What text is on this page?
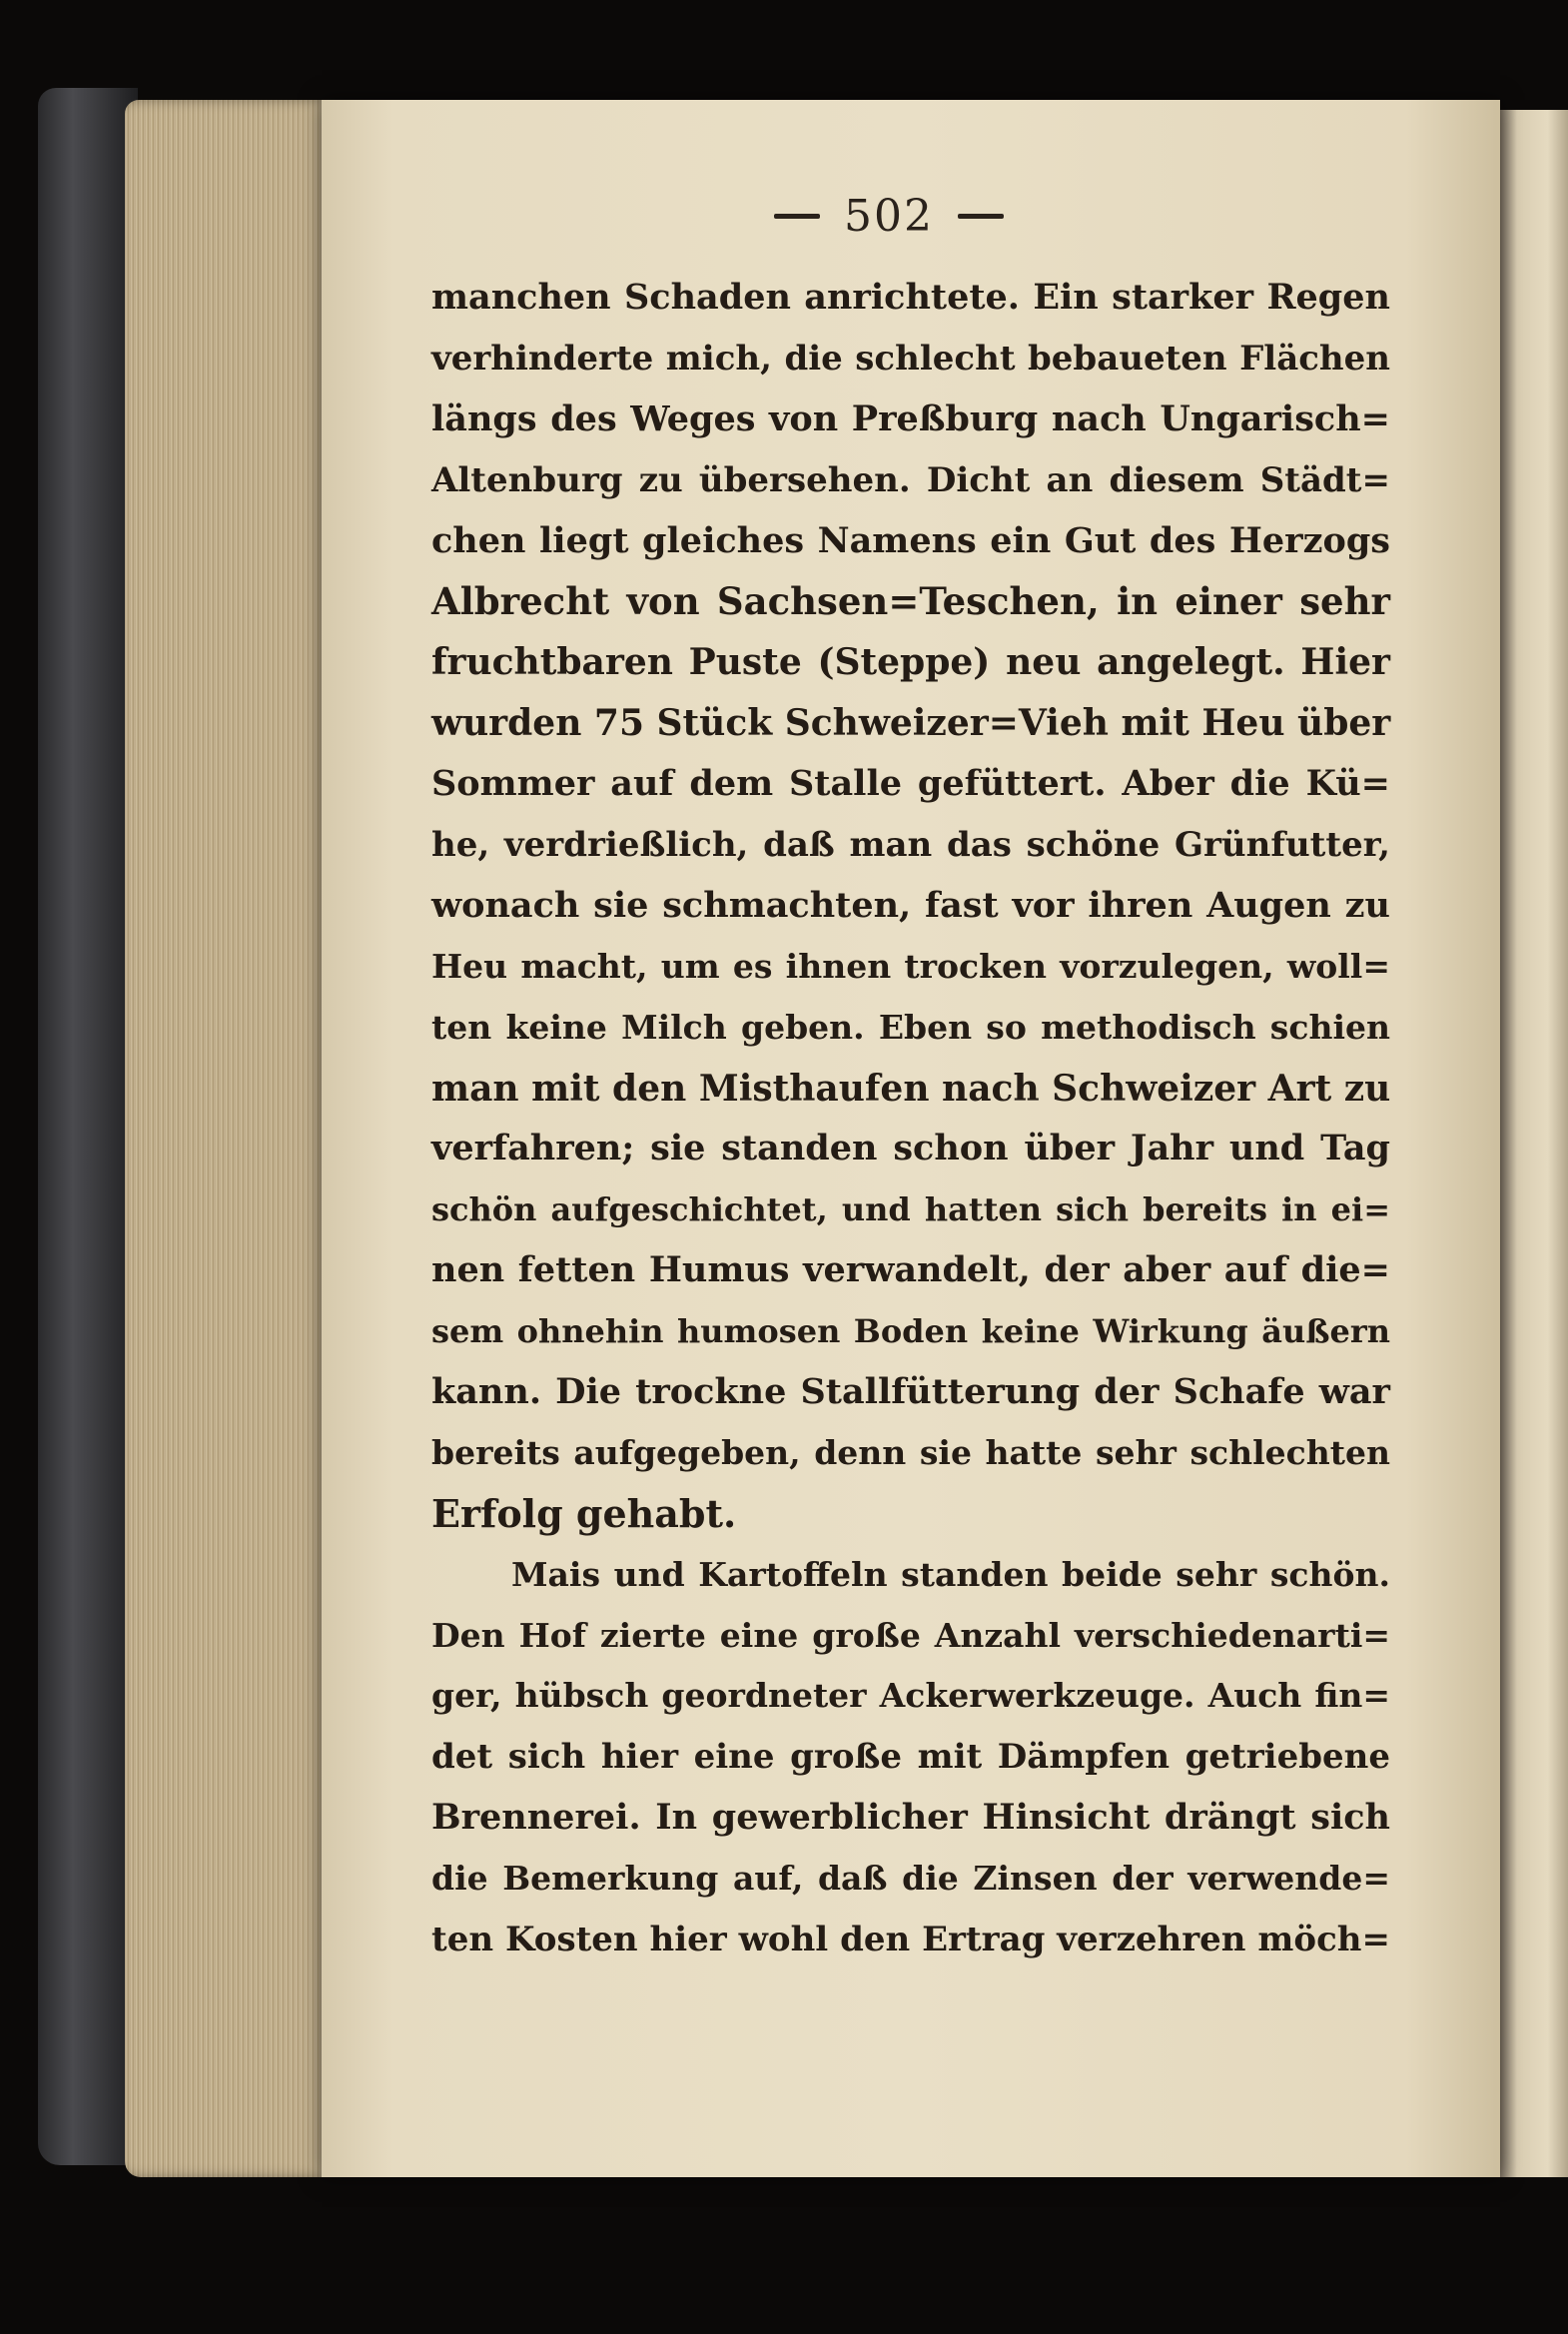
502
manchen Schaden anrichtete. Ein starker Regen
verhinderte mich, die schlecht bebaueten Flächen
längs des Weges von Preßburg nach Ungarisch=
Altenburg zu übersehen. Dicht an diesem Städt=
chen liegt gleiches Namens ein Gut des Herzogs
Albrecht von Sachsen=Teschen, in einer sehr
fruchtbaren Puste (Steppe) neu angelegt. Hier
wurden 75 Stück Schweizer=Vieh mit Heu über
Sommer auf dem Stalle gefüttert. Aber die Kü=
he, verdrießlich, daß man das schöne Grünfutter,
wonach sie schmachten, fast vor ihren Augen zu
Heu macht, um es ihnen trocken vorzulegen, woll=
ten keine Milch geben. Eben so methodisch schien
man mit den Misthaufen nach Schweizer Art zu
verfahren; sie standen schon über Jahr und Tag
schön aufgeschichtet, und hatten sich bereits in ei=
nen fetten Humus verwandelt, der aber auf die=
sem ohnehin humosen Boden keine Wirkung äußern
kann. Die trockne Stallfütterung der Schafe war
bereits aufgegeben, denn sie hatte sehr schlechten
Erfolg gehabt.
Mais und Kartoffeln standen beide sehr schön.
Den Hof zierte eine große Anzahl verschiedenarti=
ger, hübsch geordneter Ackerwerkzeuge. Auch fin=
det sich hier eine große mit Dämpfen getriebene
Brennerei. In gewerblicher Hinsicht drängt sich
die Bemerkung auf, daß die Zinsen der verwende=
ten Kosten hier wohl den Ertrag verzehren möch=
